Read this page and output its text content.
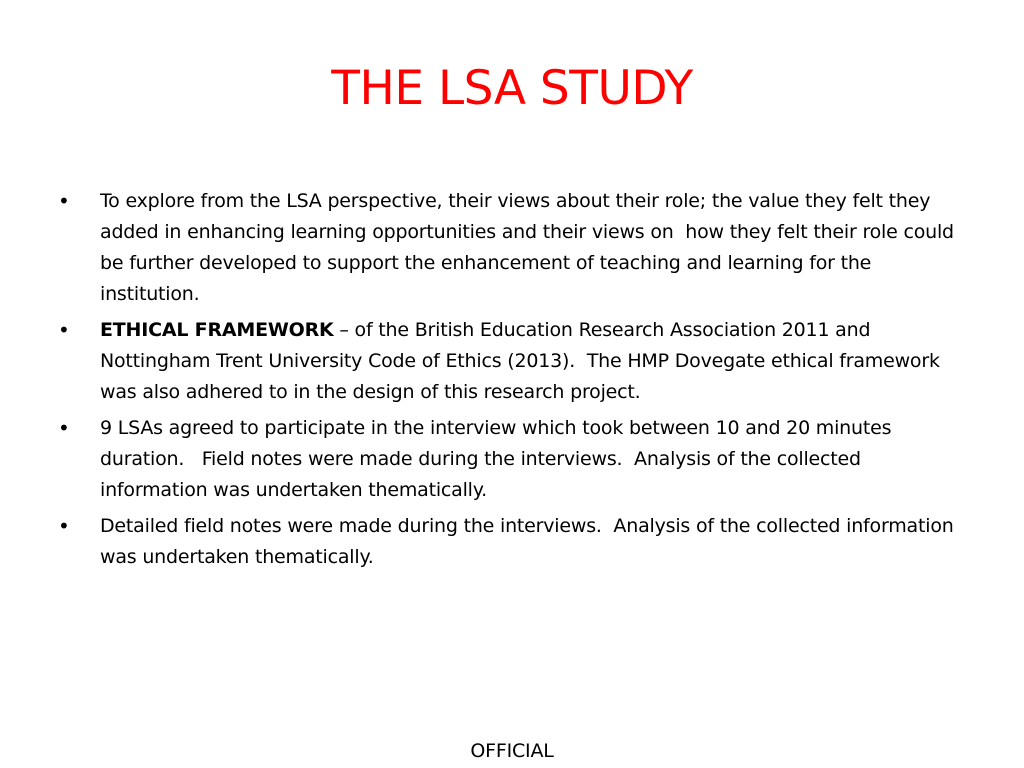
THE LSA STUDY
•	To explore from the LSA perspective, their views about their role; the value they felt they added in enhancing learning opportunities and their views on  how they felt their role could be further developed to support the enhancement of teaching and learning for the institution.
•	ETHICAL FRAMEWORK – of the British Education Research Association 2011 and Nottingham Trent University Code of Ethics (2013).  The HMP Dovegate ethical framework was also adhered to in the design of this research project.
•	9 LSAs agreed to participate in the interview which took between 10 and 20 minutes duration.   Field notes were made during the interviews.  Analysis of the collected information was undertaken thematically.
•	Detailed field notes were made during the interviews.  Analysis of the collected information was undertaken thematically.
OFFICIAL
